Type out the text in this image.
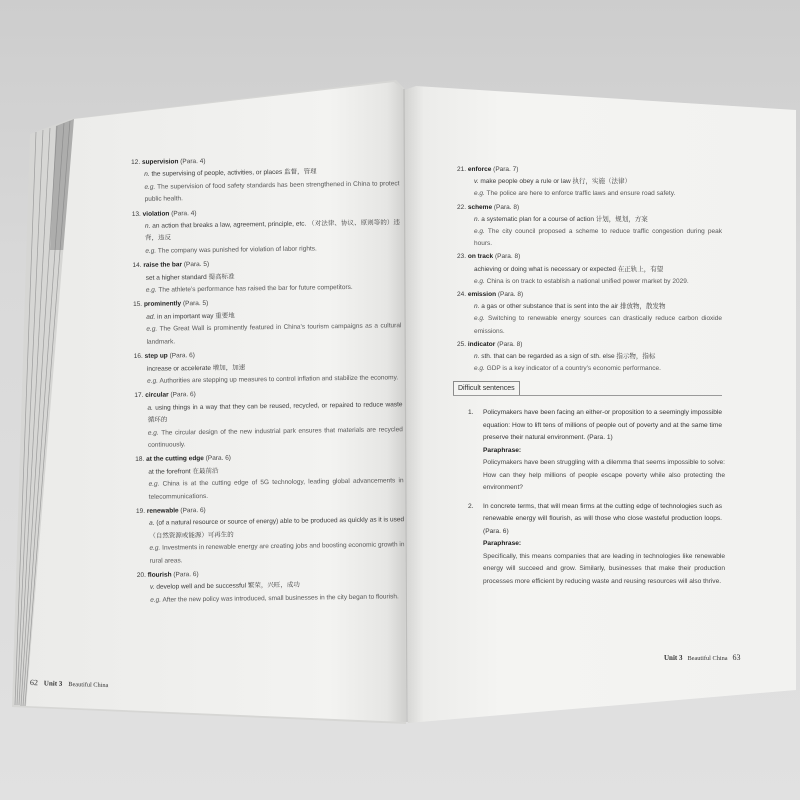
12. supervision (Para. 4)
n. the supervising of people, activities, or places 监督，管理
e.g. The supervision of food safety standards has been strengthened in China to protect public health.
13. violation (Para. 4)
n. an action that breaks a law, agreement, principle, etc. （对法律、协议、原则等的）违背，违反
e.g. The company was punished for violation of labor rights.
14. raise the bar (Para. 5)
set a higher standard 提高标准
e.g. The athlete’s performance has raised the bar for future competitors.
15. prominently (Para. 5)
ad. in an important way 重要地
e.g. The Great Wall is prominently featured in China’s tourism campaigns as a cultural landmark.
16. step up (Para. 6)
increase or accelerate 增加，加速
e.g. Authorities are stepping up measures to control inflation and stabilize the economy.
17. circular (Para. 6)
a. using things in a way that they can be reused, recycled, or repaired to reduce waste 循环的
e.g. The circular design of the new industrial park ensures that materials are recycled continuously.
18. at the cutting edge (Para. 6)
at the forefront 在最前沿
e.g. China is at the cutting edge of 5G technology, leading global advancements in telecommunications.
19. renewable (Para. 6)
a. (of a natural resource or source of energy) able to be produced as quickly as it is used （自然资源或能源）可再生的
e.g. Investments in renewable energy are creating jobs and boosting economic growth in rural areas.
20. flourish (Para. 6)
v. develop well and be successful 繁荣，兴旺，成功
e.g. After the new policy was introduced, small businesses in the city began to flourish.
62 Unit 3 Beautiful China
21. enforce (Para. 7)
v. make people obey a rule or law 执行，实施（法律）
e.g. The police are here to enforce traffic laws and ensure road safety.
22. scheme (Para. 8)
n. a systematic plan for a course of action 计划，规划，方案
e.g. The city council proposed a scheme to reduce traffic congestion during peak hours.
23. on track (Para. 8)
achieving or doing what is necessary or expected 在正轨上，有望
e.g. China is on track to establish a national unified power market by 2029.
24. emission (Para. 8)
n. a gas or other substance that is sent into the air 排放物，散发物
e.g. Switching to renewable energy sources can drastically reduce carbon dioxide emissions.
25. indicator (Para. 8)
n. sth. that can be regarded as a sign of sth. else 指示物，指标
e.g. GDP is a key indicator of a country’s economic performance.
Difficult sentences
1.	Policymakers have been facing an either-or proposition to a seemingly impossible equation: How to lift tens of millions of people out of poverty and at the same time preserve their natural environment. (Para. 1)
Paraphrase:
Policymakers have been struggling with a dilemma that seems impossible to solve: How can they help millions of people escape poverty while also protecting the environment?
2.	In concrete terms, that will mean firms at the cutting edge of technologies such as renewable energy will flourish, as will those who close wasteful production loops. (Para. 6)
Paraphrase:
Specifically, this means companies that are leading in technologies like renewable energy will succeed and grow. Similarly, businesses that make their production processes more efficient by reducing waste and reusing resources will also thrive.
Unit 3 Beautiful China 63
